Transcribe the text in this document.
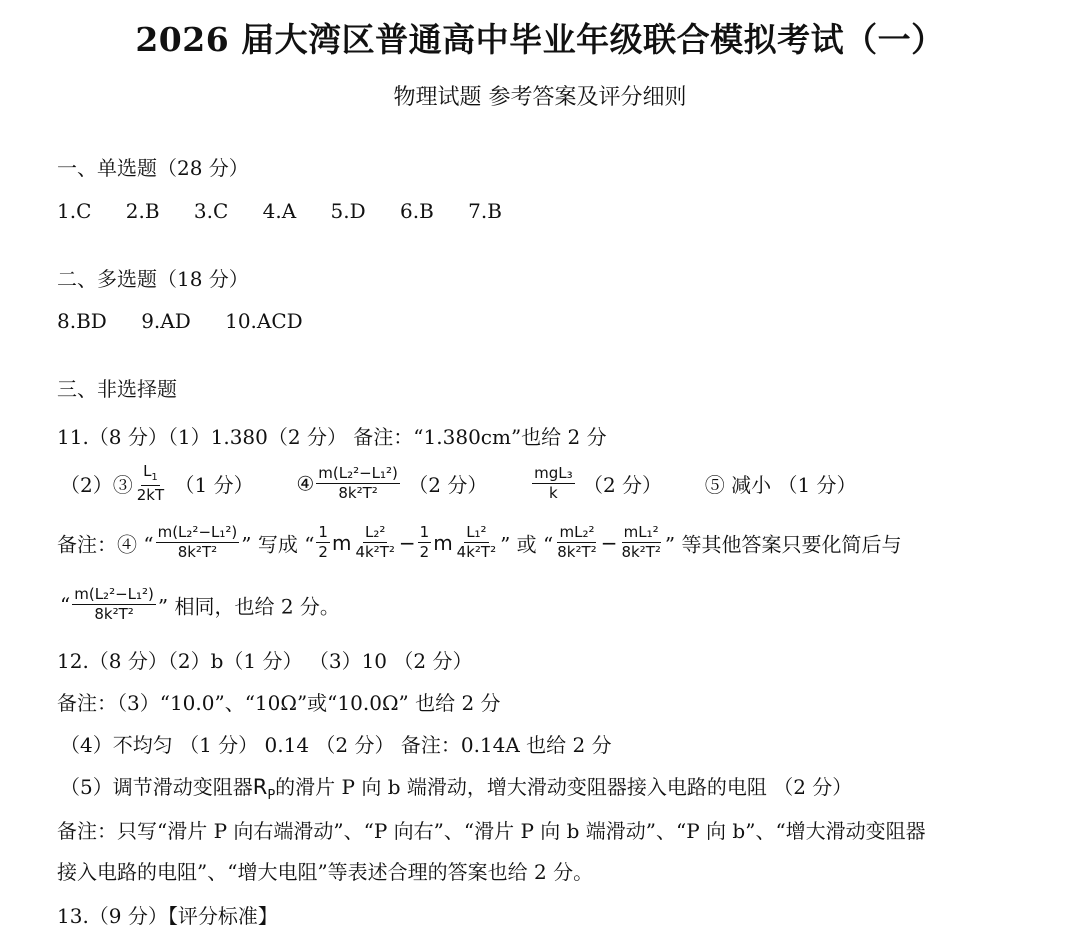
2026 届大湾区普通高中毕业年级联合模拟考试（一）
物理试题 参考答案及评分细则
一、单选题（28 分）
1.C 2.B 3.C 4.A 5.D 6.B 7.B
二、多选题（18 分）
8.BD 9.AD 10.ACD
三、非选择题
11.（8 分）（1）1.380（2 分） 备注：“1.380cm”也给 2 分
（2）③ $\frac{L_1}{2kT} (1$ 分） ④ $\frac{\text{m(L₂²−L₁²)}}{\text{8k²T²}} (2$ 分）	$\frac{\text{mgL₃}}{k} (2$ 分） ⑤ 减小 （1 分）
备注：④ “ $\frac{\text{m(L₂²−L₁²)}}{\text{8k²T²}}$ ” 写成 “ $\frac{1}{2}$ m $\frac{\text{L₂²}}{\text{4k²T²}} - \frac{1}{2}$ m $\frac{\text{L₁²}}{\text{4k²T²}}$ ” 或 “ $\frac{\text{mL₂²}}{\text{8k²T²}} - \frac{\text{mL₁²}}{\text{8k²T²}}$ ” 等其他答案只要化简后与
“ $\frac{\text{m(L₂²−L₁²)}}{\text{8k²T²}}$ ” 相同，也给 2 分。
12.（8 分）（2）b（1 分） （3）10 （2 分）
备注：（3）“10.0”、“10Ω”或“10.0Ω” 也给 2 分
（4）不均匀 （1 分） 0.14 （2 分） 备注：0.14A 也给 2 分
（5）调节滑动变阻器$R_P$的滑片 P 向 b 端滑动，增大滑动变阻器接入电路的电阻 （2 分）
备注：只写“滑片 P 向右端滑动”、“P 向右”、“滑片 P 向 b 端滑动”、“P 向 b”、“增大滑动变阻器
接入电路的电阻”、“增大电阻”等表述合理的答案也给 2 分。
13.（9 分）【评分标准】
